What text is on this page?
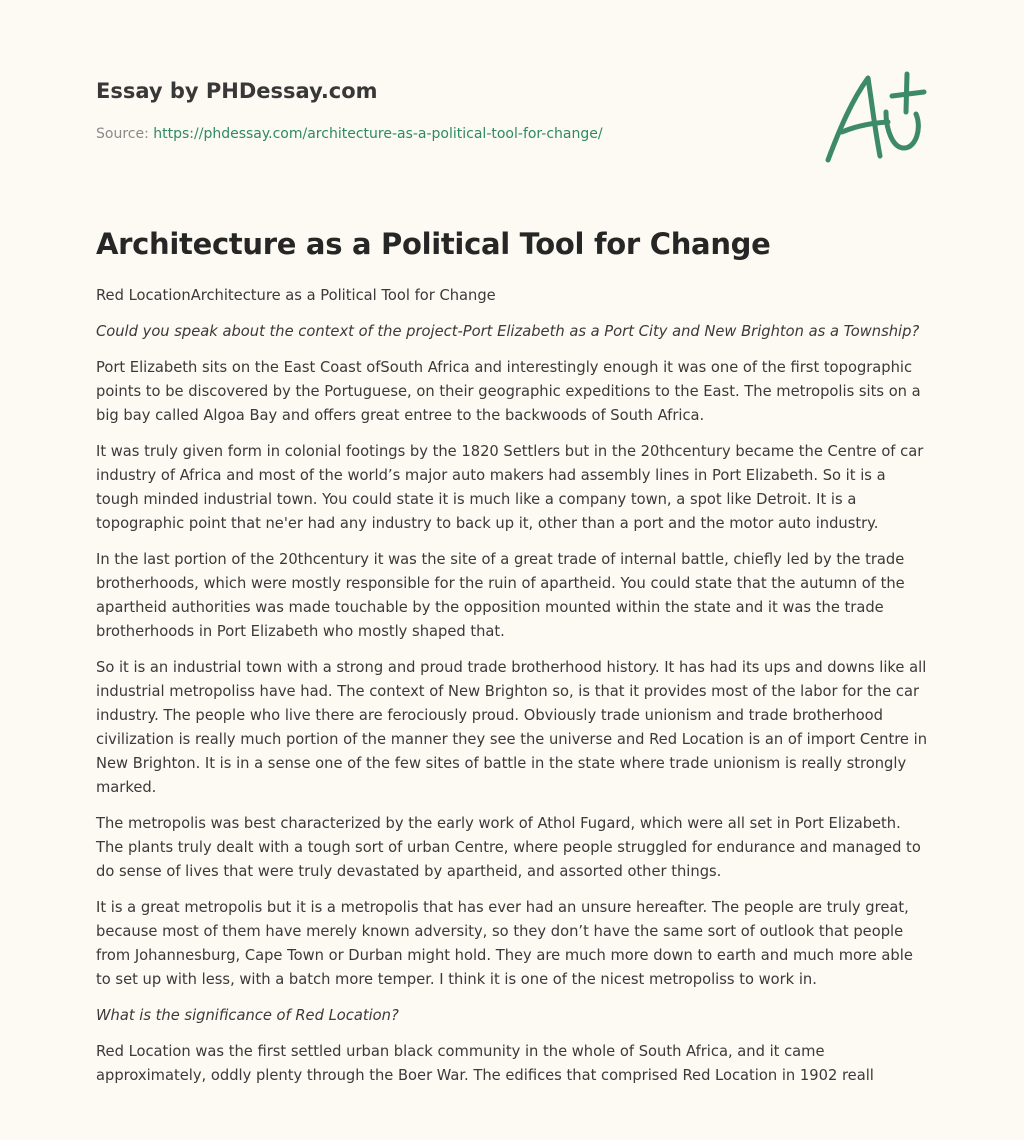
Essay by PHDessay.com
Source: https://phdessay.com/architecture-as-a-political-tool-for-change/
Architecture as a Political Tool for Change

Red LocationArchitecture as a Political Tool for Change

Could you speak about the context of the project-Port Elizabeth as a Port City and New Brighton as a Township?

Port Elizabeth sits on the East Coast ofSouth Africa and interestingly enough it was one of the first topographic points to be discovered by the Portuguese, on their geographic expeditions to the East. The metropolis sits on a big bay called Algoa Bay and offers great entree to the backwoods of South Africa.

It was truly given form in colonial footings by the 1820 Settlers but in the 20thcentury became the Centre of car industry of Africa and most of the world’s major auto makers had assembly lines in Port Elizabeth. So it is a tough minded industrial town. You could state it is much like a company town, a spot like Detroit. It is a topographic point that ne'er had any industry to back up it, other than a port and the motor auto industry.

In the last portion of the 20thcentury it was the site of a great trade of internal battle, chiefly led by the trade brotherhoods, which were mostly responsible for the ruin of apartheid. You could state that the autumn of the apartheid authorities was made touchable by the opposition mounted within the state and it was the trade brotherhoods in Port Elizabeth who mostly shaped that.

So it is an industrial town with a strong and proud trade brotherhood history. It has had its ups and downs like all industrial metropoliss have had. The context of New Brighton so, is that it provides most of the labor for the car industry. The people who live there are ferociously proud. Obviously trade unionism and trade brotherhood civilization is really much portion of the manner they see the universe and Red Location is an of import Centre in New Brighton. It is in a sense one of the few sites of battle in the state where trade unionism is really strongly marked.

The metropolis was best characterized by the early work of Athol Fugard, which were all set in Port Elizabeth. The plants truly dealt with a tough sort of urban Centre, where people struggled for endurance and managed to do sense of lives that were truly devastated by apartheid, and assorted other things.

It is a great metropolis but it is a metropolis that has ever had an unsure hereafter. The people are truly great, because most of them have merely known adversity, so they don’t have the same sort of outlook that people from Johannesburg, Cape Town or Durban might hold. They are much more down to earth and much more able to set up with less, with a batch more temper. I think it is one of the nicest metropoliss to work in.

What is the significance of Red Location?

Red Location was the first settled urban black community in the whole of South Africa, and it came approximately, oddly plenty through the Boer War. The edifices that comprised Red Location in 1902 reall
